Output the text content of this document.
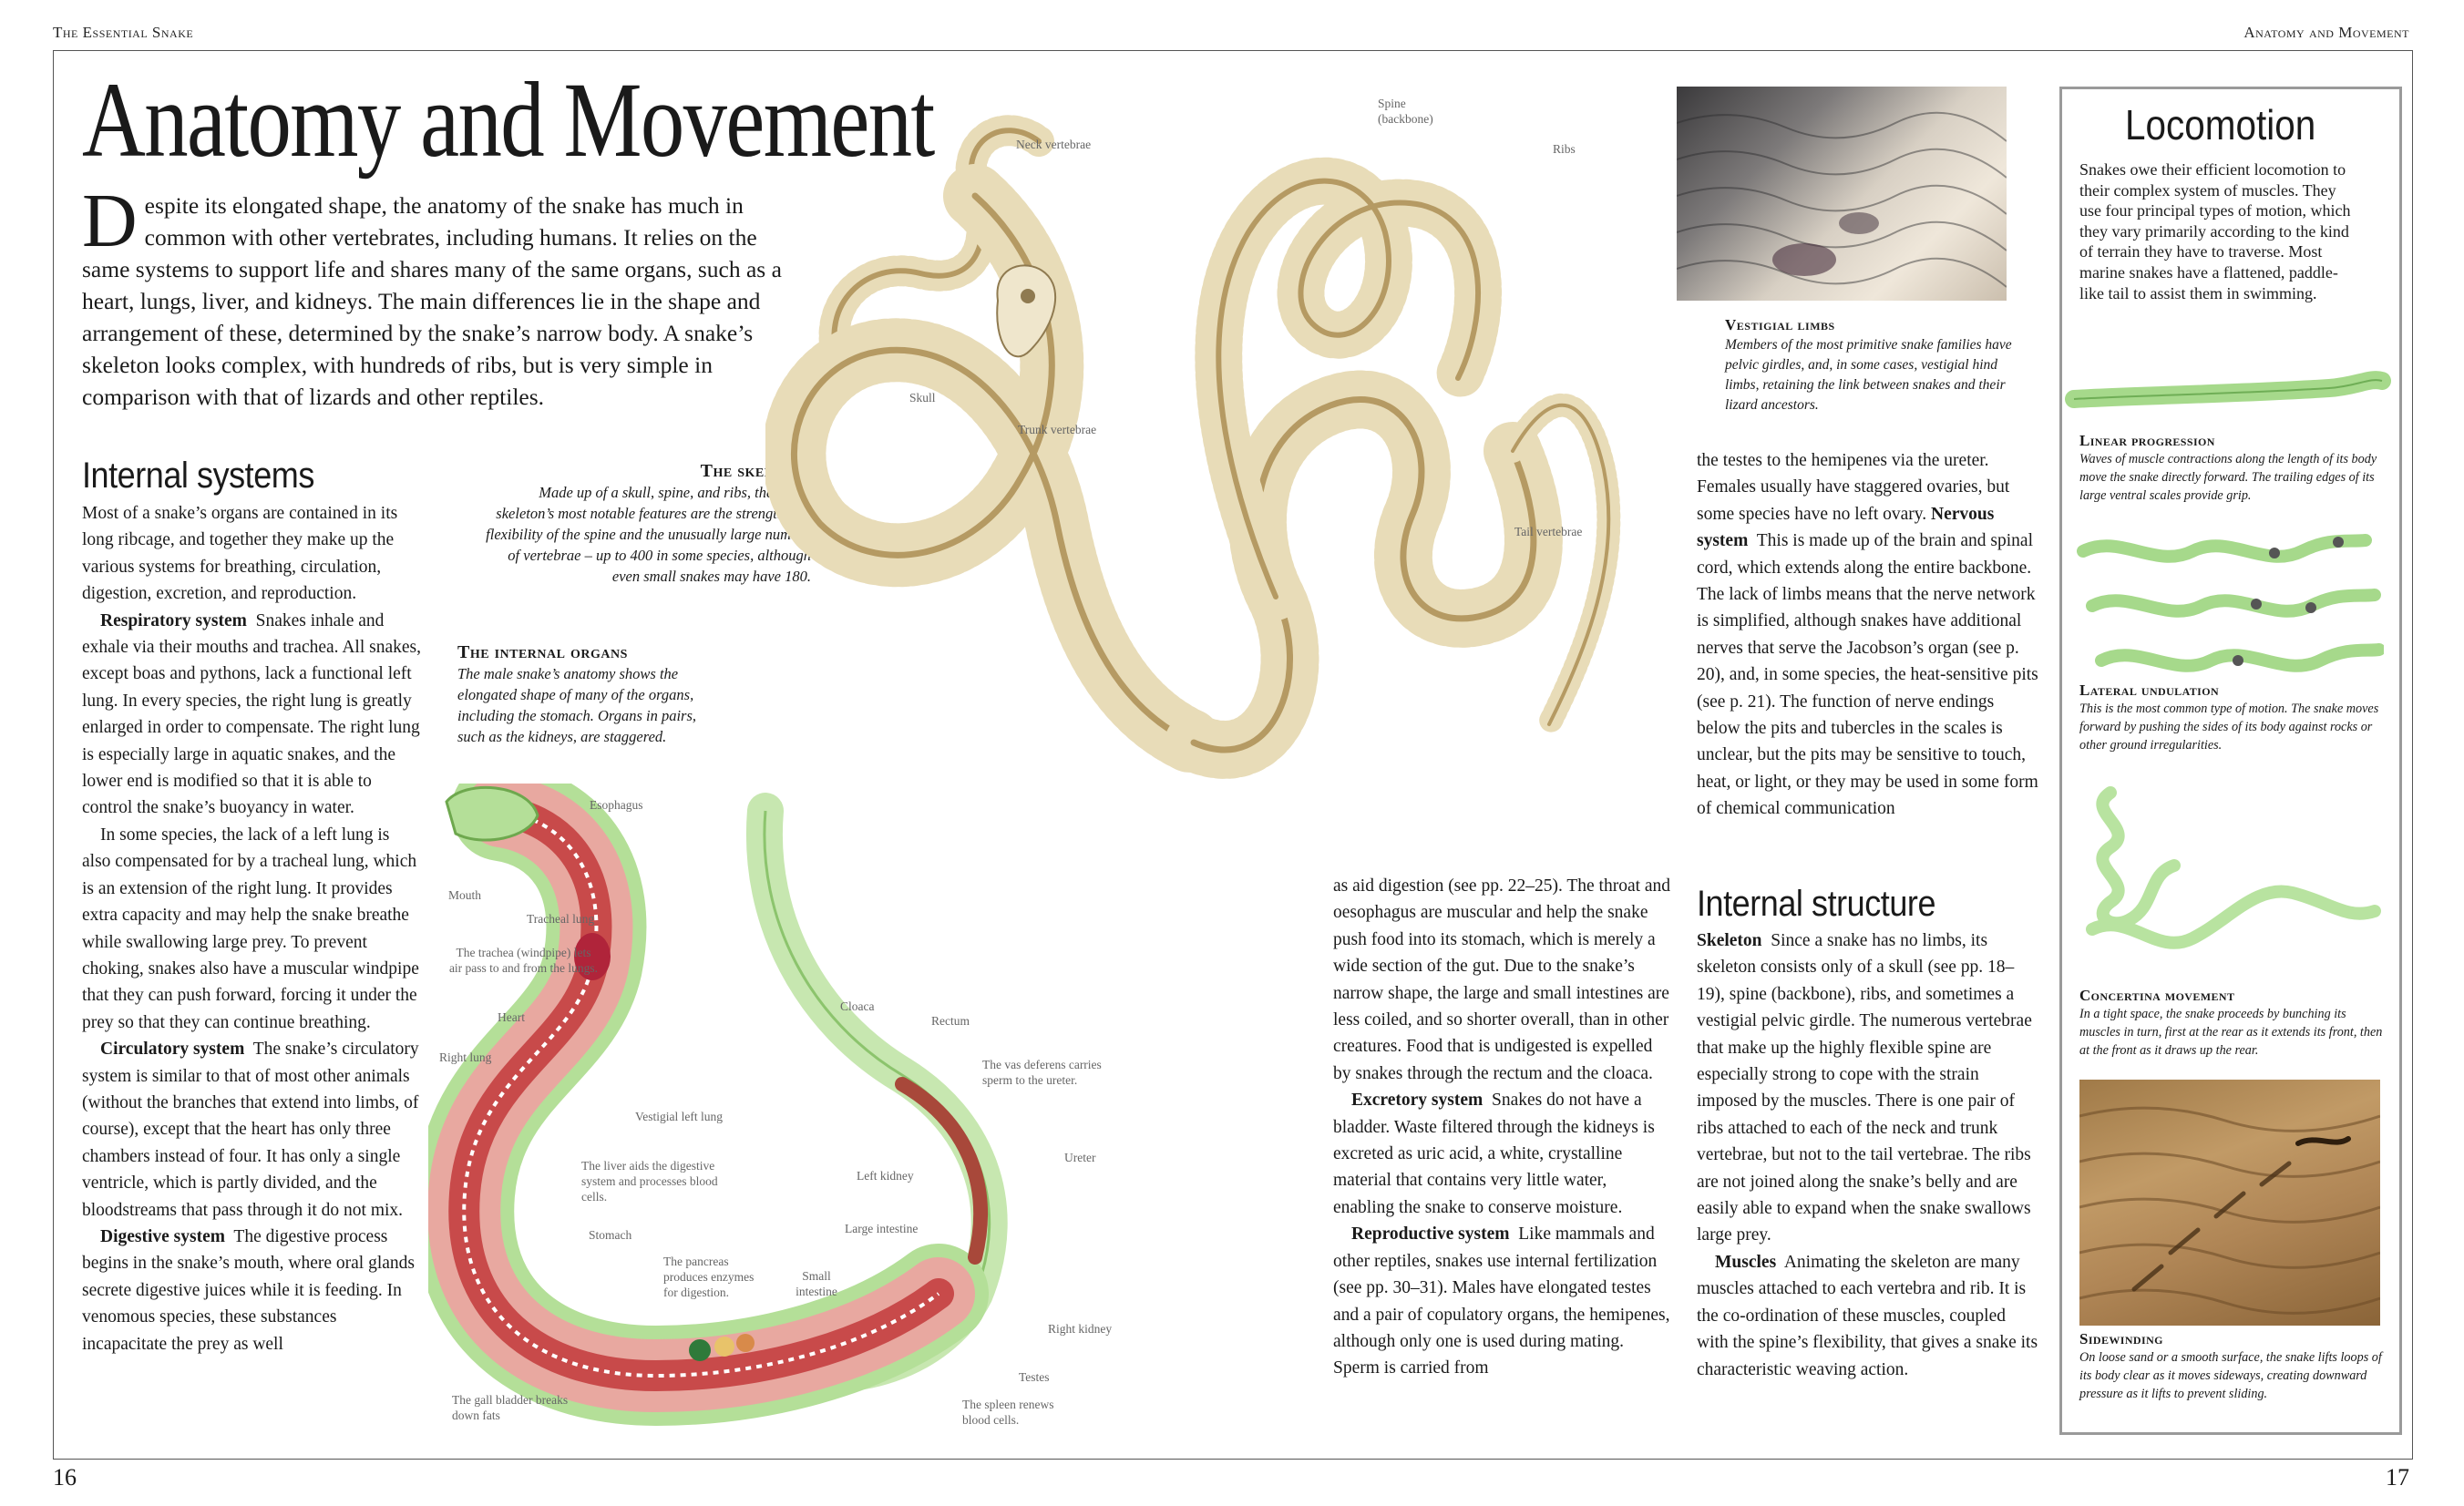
The Essential Snake	Anatomy and Movement
16	17
Anatomy and Movement

Despite its elongated shape, the anatomy of the snake has much in common with other vertebrates, including humans. It relies on the same systems to support life and shares many of the same organs, such as a heart, lungs, liver, and kidneys. The main differences lie in the shape and arrangement of these, determined by the snake’s narrow body. A snake’s skeleton looks complex, with hundreds of ribs, but is very simple in comparison with that of lizards and other reptiles.

Internal systems

Most of a snake’s organs are contained in its long ribcage, and together they make up the various systems for breathing, circulation, digestion, excretion, and reproduction.

Respiratory system Snakes inhale and exhale via their mouths and trachea. All snakes, except boas and pythons, lack a functional left lung. In every species, the right lung is greatly enlarged in order to compensate. The right lung is especially large in aquatic snakes, and the lower end is modified so that it is able to control the snake’s buoyancy in water.

In some species, the lack of a left lung is also compensated for by a tracheal lung, which is an extension of the right lung. It provides extra capacity and may help the snake breathe while swallowing large prey. To prevent choking, snakes also have a muscular windpipe that they can push forward, forcing it under the prey so that they can continue breathing.

Circulatory system The snake’s circulatory system is similar to that of most other animals (without the branches that extend into limbs, of course), except that the heart has only three chambers instead of four. It has only a single ventricle, which is partly divided, and the bloodstreams that pass through it do not mix.

Digestive system The digestive process begins in the snake’s mouth, where oral glands secrete digestive juices while it is feeding. In venomous species, these substances incapacitate the prey as well

The skeleton
Made up of a skull, spine, and ribs, the snake skeleton’s most notable features are the strength and flexibility of the spine and the unusually large number of vertebrae – up to 400 in some species, although even small snakes may have 180.
The internal organs
The male snake’s anatomy shows the elongated shape of many of the organs, including the stomach. Organs in pairs, such as the kidneys, are staggered.
Neck vertebrae
Spine (backbone)
Ribs
Skull
Trunk vertebrae
Tail vertebrae
Vestigial limbs
Members of the most primitive snake families have pelvic girdles, and, in some cases, vestigial hind limbs, retaining the link between snakes and their lizard ancestors.
Esophagus
Mouth
Tracheal lung
The trachea (windpipe) lets air pass to and from the lungs.
Heart
Right lung
Vestigial left lung
The liver aids the digestive system and processes blood cells.
Stomach
The pancreas produces enzymes for digestion.
The gall bladder breaks down fats
Small intestine
Cloaca
Rectum
The vas deferens carries sperm to the ureter.
Ureter
Left kidney
Large intestine
Right kidney
Testes
The spleen renews blood cells.

as aid digestion (see pp. 22–25). The throat and oesophagus are muscular and help the snake push food into its stomach, which is merely a wide section of the gut. Due to the snake’s narrow shape, the large and small intestines are less coiled, and so shorter overall, than in other creatures. Food that is undigested is expelled by snakes through the rectum and the cloaca.

Excretory system Snakes do not have a bladder. Waste filtered through the kidneys is excreted as uric acid, a white, crystalline material that contains very little water, enabling the snake to conserve moisture.

Reproductive system Like mammals and other reptiles, snakes use internal fertilization (see pp. 30–31). Males have elongated testes and a pair of copulatory organs, the hemipenes, although only one is used during mating. Sperm is carried from

the testes to the hemipenes via the ureter. Females usually have staggered ovaries, but some species have no left ovary. Nervous system This is made up of the brain and spinal cord, which extends along the entire backbone. The lack of limbs means that the nerve network is simplified, although snakes have additional nerves that serve the Jacobson’s organ (see p. 20), and, in some species, the heat-sensitive pits (see p. 21). The function of nerve endings below the pits and tubercles in the scales is unclear, but the pits may be sensitive to touch, heat, or light, or they may be used in some form of chemical communication

Internal structure

Skeleton Since a snake has no limbs, its skeleton consists only of a skull (see pp. 18–19), spine (backbone), ribs, and sometimes a vestigial pelvic girdle. The numerous vertebrae that make up the highly flexible spine are especially strong to cope with the strain imposed by the muscles. There is one pair of ribs attached to each of the neck and trunk vertebrae, but not to the tail vertebrae. The ribs are not joined along the snake’s belly and are easily able to expand when the snake swallows large prey.

Muscles Animating the skeleton are many muscles attached to each vertebra and rib. It is the co-ordination of these muscles, coupled with the spine’s flexibility, that gives a snake its characteristic weaving action.

Locomotion

Snakes owe their efficient locomotion to their complex system of muscles. They use four principal types of motion, which they vary primarily according to the kind of terrain they have to traverse. Most marine snakes have a flattened, paddle-like tail to assist them in swimming.

Linear progression
Waves of muscle contractions along the length of its body move the snake directly forward. The trailing edges of its large ventral scales provide grip.
Lateral undulation
This is the most common type of motion. The snake moves forward by pushing the sides of its body against rocks or other ground irregularities.
Concertina movement
In a tight space, the snake proceeds by bunching its muscles in turn, first at the rear as it extends its front, then at the front as it draws up the rear.
Sidewinding
On loose sand or a smooth surface, the snake lifts loops of its body clear as it moves sideways, creating downward pressure as it lifts to prevent sliding.
